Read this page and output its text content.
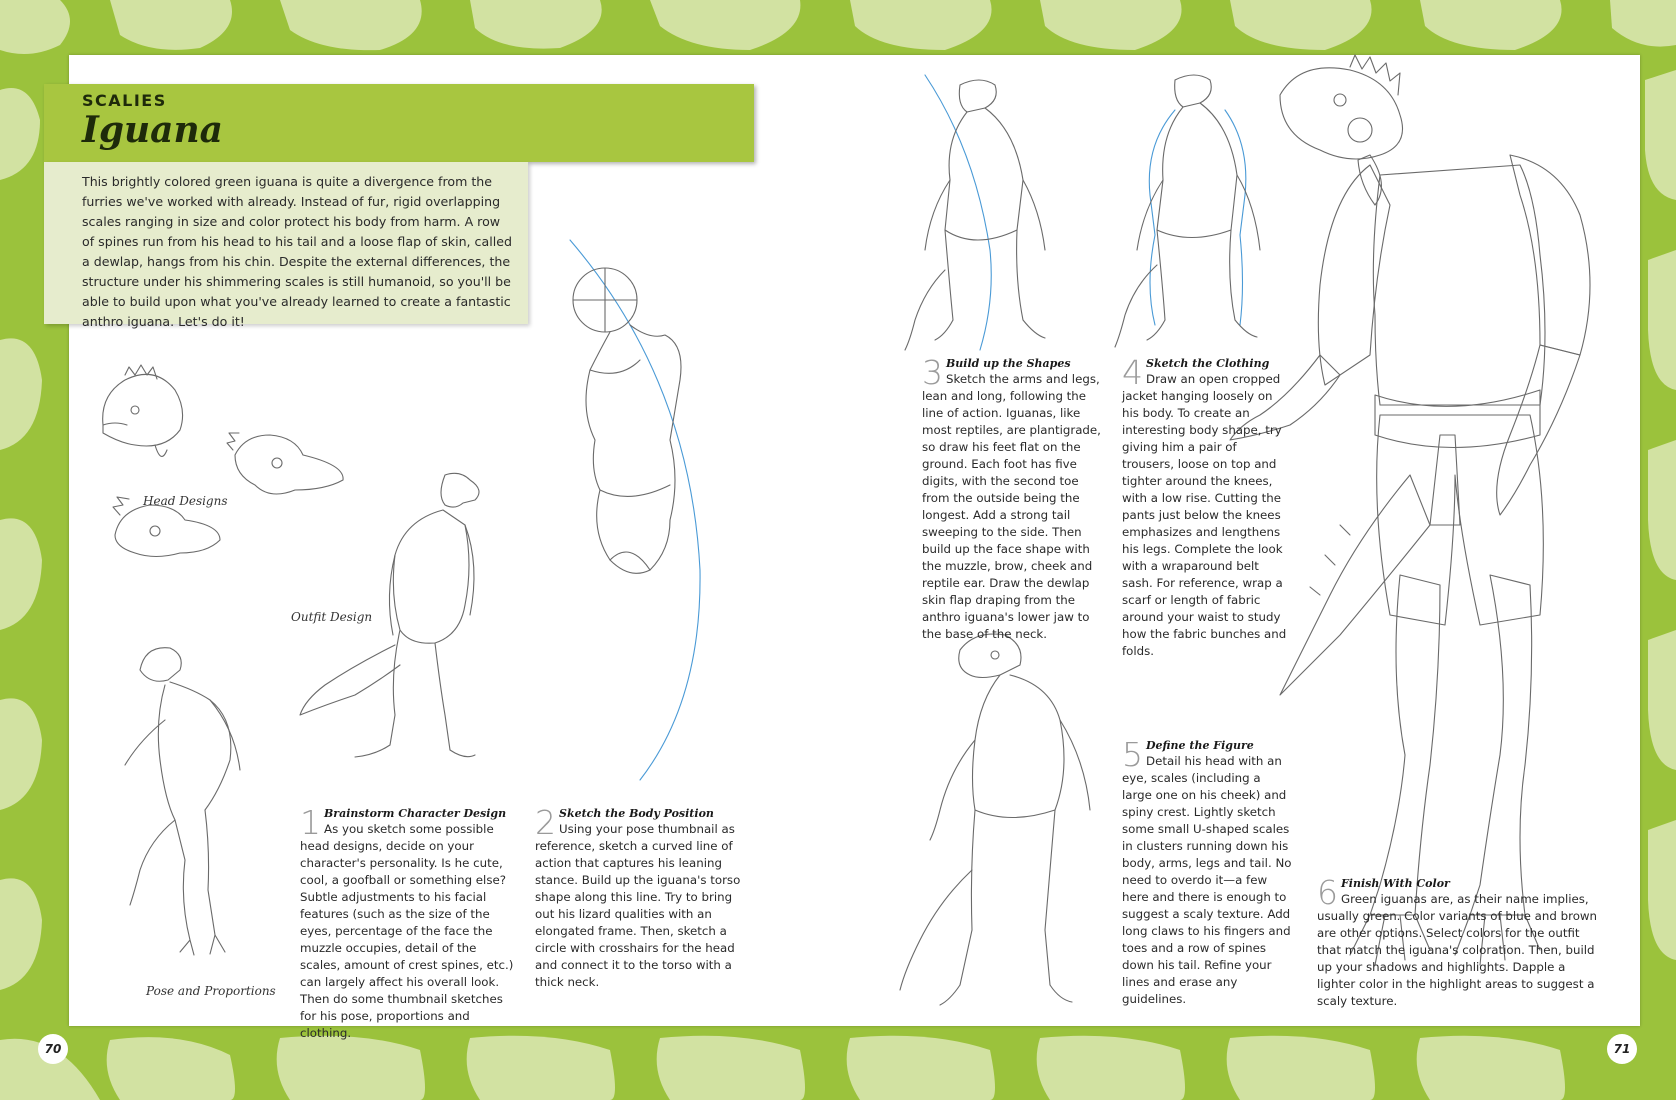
SCALIES
Iguana
This brightly colored green iguana is quite a divergence from the furries we've worked with already. Instead of fur, rigid overlapping scales ranging in size and color protect his body from harm. A row of spines run from his head to his tail and a loose flap of skin, called a dewlap, hangs from his chin. Despite the external differences, the structure under his shimmering scales is still humanoid, so you'll be able to build upon what you've already learned to create a fantastic anthro iguana. Let's do it!
Head Designs
Outfit Design
Pose and Proportions
1 Brainstorm Character Design
As you sketch some possible head designs, decide on your character's personality. Is he cute, cool, a goofball or something else? Subtle adjustments to his facial features (such as the size of the eyes, percentage of the face the muzzle occupies, detail of the scales, amount of crest spines, etc.) can largely affect his overall look. Then do some thumbnail sketches for his pose, proportions and clothing.
2 Sketch the Body Position
Using your pose thumbnail as reference, sketch a curved line of action that captures his leaning stance. Build up the iguana's torso shape along this line. Try to bring out his lizard qualities with an elongated frame. Then, sketch a circle with crosshairs for the head and connect it to the torso with a thick neck.
3 Build up the Shapes
Sketch the arms and legs, lean and long, following the line of action. Iguanas, like most reptiles, are plantigrade, so draw his feet flat on the ground. Each foot has five digits, with the second toe from the outside being the longest. Add a strong tail sweeping to the side. Then build up the face shape with the muzzle, brow, cheek and reptile ear. Draw the dewlap skin flap draping from the anthro iguana's lower jaw to the base of the neck.
4 Sketch the Clothing
Draw an open cropped jacket hanging loosely on his body. To create an interesting body shape, try giving him a pair of trousers, loose on top and tighter around the knees, with a low rise. Cutting the pants just below the knees emphasizes and lengthens his legs. Complete the look with a wraparound belt sash. For reference, wrap a scarf or length of fabric around your waist to study how the fabric bunches and folds.
5 Define the Figure
Detail his head with an eye, scales (including a large one on his cheek) and spiny crest. Lightly sketch some small U-shaped scales in clusters running down his body, arms, legs and tail. No need to overdo it—a few here and there is enough to suggest a scaly texture. Add long claws to his fingers and toes and a row of spines down his tail. Refine your lines and erase any guidelines.
6 Finish With Color
Green iguanas are, as their name implies, usually green. Color variants of blue and brown are other options. Select colors for the outfit that match the iguana's coloration. Then, build up your shadows and highlights. Dapple a lighter color in the highlight areas to suggest a scaly texture.
70	71
